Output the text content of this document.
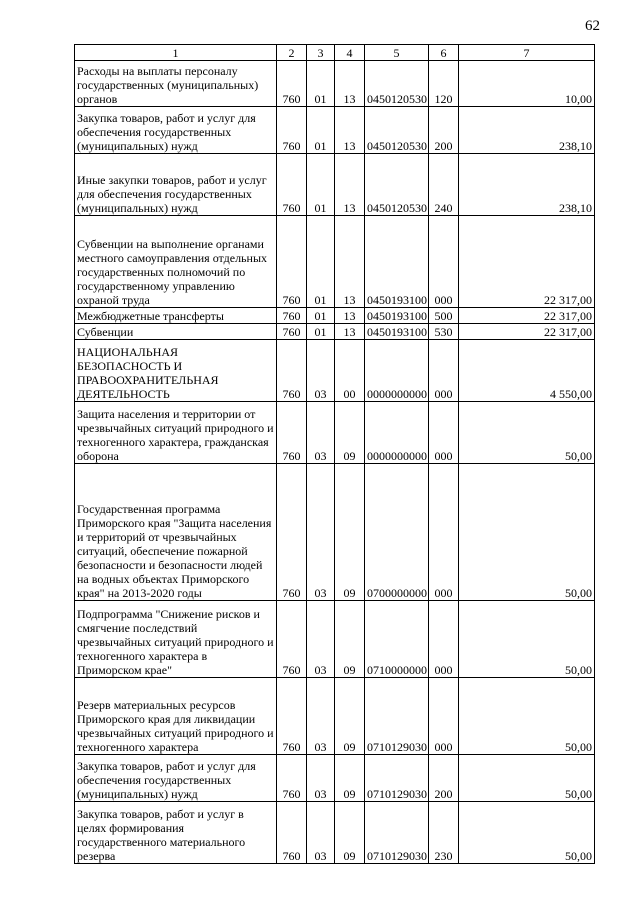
62
1	2	3	4	5	6	7
Расходы на выплаты персоналу государственных (муниципальных) органов	760	01	13	0450120530	120	10,00
Закупка товаров, работ и услуг для обеспечения государственных (муниципальных) нужд	760	01	13	0450120530	200	238,10
Иные закупки товаров, работ и услуг для обеспечения государственных (муниципальных) нужд	760	01	13	0450120530	240	238,10
Субвенции на выполнение органами местного самоуправления отдельных государственных полномочий по государственному управлению охраной труда	760	01	13	0450193100	000	22 317,00
Межбюджетные трансферты	760	01	13	0450193100	500	22 317,00
Субвенции	760	01	13	0450193100	530	22 317,00
НАЦИОНАЛЬНАЯ БЕЗОПАСНОСТЬ И ПРАВООХРАНИТЕЛЬНАЯ ДЕЯТЕЛЬНОСТЬ	760	03	00	0000000000	000	4 550,00
Защита населения и территории от чрезвычайных ситуаций природного и техногенного характера, гражданская оборона	760	03	09	0000000000	000	50,00
Государственная программа Приморского края "Защита населения и территорий от чрезвычайных ситуаций, обеспечение пожарной безопасности и безопасности людей на водных объектах Приморского края" на 2013-2020 годы	760	03	09	0700000000	000	50,00
Подпрограмма "Снижение рисков и смягчение последствий чрезвычайных ситуаций природного и техногенного характера в Приморском крае"	760	03	09	0710000000	000	50,00
Резерв материальных ресурсов Приморского края для ликвидации чрезвычайных ситуаций природного и техногенного характера	760	03	09	0710129030	000	50,00
Закупка товаров, работ и услуг для обеспечения государственных (муниципальных) нужд	760	03	09	0710129030	200	50,00
Закупка товаров, работ и услуг в целях формирования государственного материального резерва	760	03	09	0710129030	230	50,00
